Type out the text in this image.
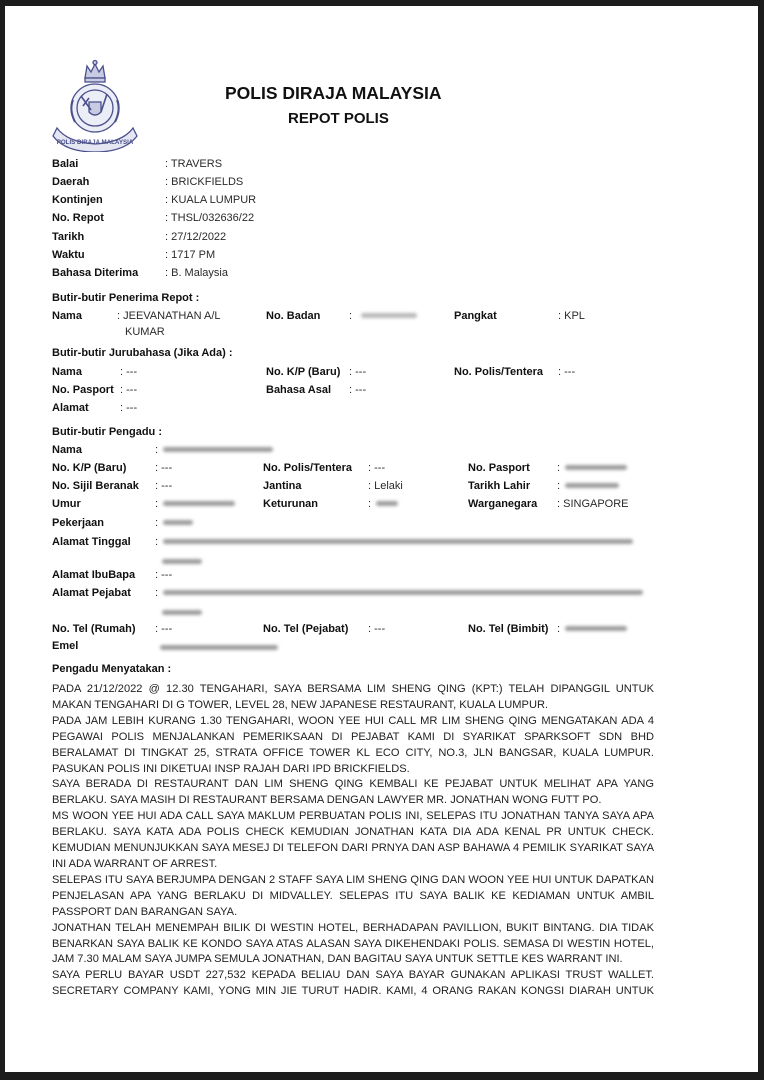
POLIS DIRAJA MALAYSIA
POLIS DIRAJA MALAYSIA
REPOT POLIS
Balai	: TRAVERS
Daerah	: BRICKFIELDS
Kontinjen	: KUALA LUMPUR
No. Repot	: THSL/032636/22
Tarikh	: 27/12/2022
Waktu	: 1717 PM
Bahasa Diterima : B. Malaysia
Butir-butir Penerima Repot :
Nama	: JEEVANATHAN A/L
KUMAR
No. Badan	:	Pangkat	: KPL
Butir-butir Jurubahasa (Jika Ada) :
Nama	: ---	No. K/P (Baru) : ---	No. Polis/Tentera : ---
No. Pasport : ---	Bahasa Asal : ---
Alamat	: ---
Butir-butir Pengadu :
Nama	:
No. K/P (Baru)	: ---	No. Polis/Tentera : ---	No. Pasport :
No. Sijil Beranak : ---	Jantina	: Lelaki	Tarikh Lahir :
Umur	:	Keturunan	:	Warganegara : SINGAPORE
Pekerjaan	:
Alamat Tinggal :
Alamat IbuBapa : ---
Alamat Pejabat :
No. Tel (Rumah) : ---	No. Tel (Pejabat) : ---	No. Tel (Bimbit) :
Emel
Pengadu Menyatakan :

PADA 21/12/2022 @ 12.30 TENGAHARI, SAYA BERSAMA LIM SHENG QING (KPT:) TELAH DIPANGGIL UNTUK MAKAN TENGAHARI DI G TOWER, LEVEL 28, NEW JAPANESE RESTAURANT, KUALA LUMPUR.

PADA JAM LEBIH KURANG 1.30 TENGAHARI, WOON YEE HUI CALL MR LIM SHENG QING MENGATAKAN ADA 4 PEGAWAI POLIS MENJALANKAN PEMERIKSAAN DI PEJABAT KAMI DI SYARIKAT SPARKSOFT SDN BHD BERALAMAT DI TINGKAT 25, STRATA OFFICE TOWER KL ECO CITY, NO.3, JLN BANGSAR, KUALA LUMPUR. PASUKAN POLIS INI DIKETUAI INSP RAJAH DARI IPD BRICKFIELDS.

SAYA BERADA DI RESTAURANT DAN LIM SHENG QING KEMBALI KE PEJABAT UNTUK MELIHAT APA YANG BERLAKU. SAYA MASIH DI RESTAURANT BERSAMA DENGAN LAWYER MR. JONATHAN WONG FUTT PO.

MS WOON YEE HUI ADA CALL SAYA MAKLUM PERBUATAN POLIS INI, SELEPAS ITU JONATHAN TANYA SAYA APA BERLAKU. SAYA KATA ADA POLIS CHECK KEMUDIAN JONATHAN KATA DIA ADA KENAL PR UNTUK CHECK. KEMUDIAN MENUNJUKKAN SAYA MESEJ DI TELEFON DARI PRNYA DAN ASP BAHAWA 4 PEMILIK SYARIKAT SAYA INI ADA WARRANT OF ARREST.

SELEPAS ITU SAYA BERJUMPA DENGAN 2 STAFF SAYA LIM SHENG QING DAN WOON YEE HUI UNTUK DAPATKAN PENJELASAN APA YANG BERLAKU DI MIDVALLEY. SELEPAS ITU SAYA BALIK KE KEDIAMAN UNTUK AMBIL PASSPORT DAN BARANGAN SAYA.

JONATHAN TELAH MENEMPAH BILIK DI WESTIN HOTEL, BERHADAPAN PAVILLION, BUKIT BINTANG. DIA TIDAK BENARKAN SAYA BALIK KE KONDO SAYA ATAS ALASAN SAYA DIKEHENDAKI POLIS. SEMASA DI WESTIN HOTEL, JAM 7.30 MALAM SAYA JUMPA SEMULA JONATHAN, DAN BAGITAU SAYA UNTUK SETTLE KES WARRANT INI.

SAYA PERLU BAYAR USDT 227,532 KEPADA BELIAU DAN SAYA BAYAR GUNAKAN APLIKASI TRUST WALLET. SECRETARY COMPANY KAMI, YONG MIN JIE TURUT HADIR. KAMI, 4 ORANG RAKAN KONGSI DIARAH UNTUK
